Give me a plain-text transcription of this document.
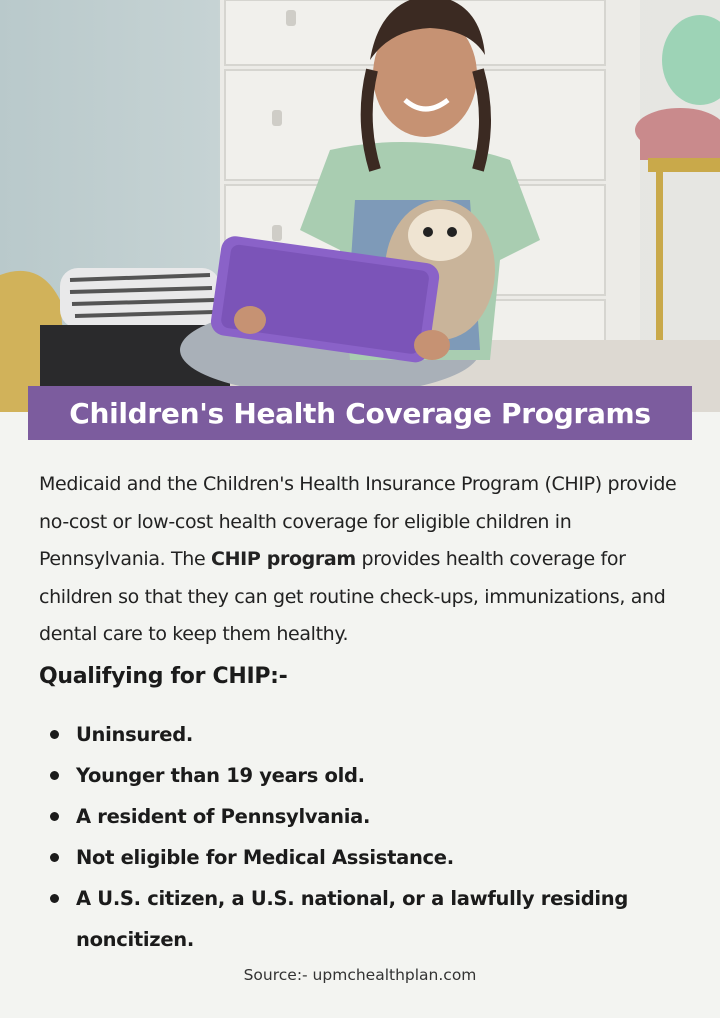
Children's Health Coverage Programs

Medicaid and the Children's Health Insurance Program (CHIP) provide no-cost or low-cost health coverage for eligible children in Pennsylvania. The CHIP program provides health coverage for children so that they can get routine check-ups, immunizations, and dental care to keep them healthy.

Qualifying for CHIP:-
Uninsured.
Younger than 19 years old.
A resident of Pennsylvania.
Not eligible for Medical Assistance.
A U.S. citizen, a U.S. national, or a lawfully residing noncitizen.
Source:- upmchealthplan.com
